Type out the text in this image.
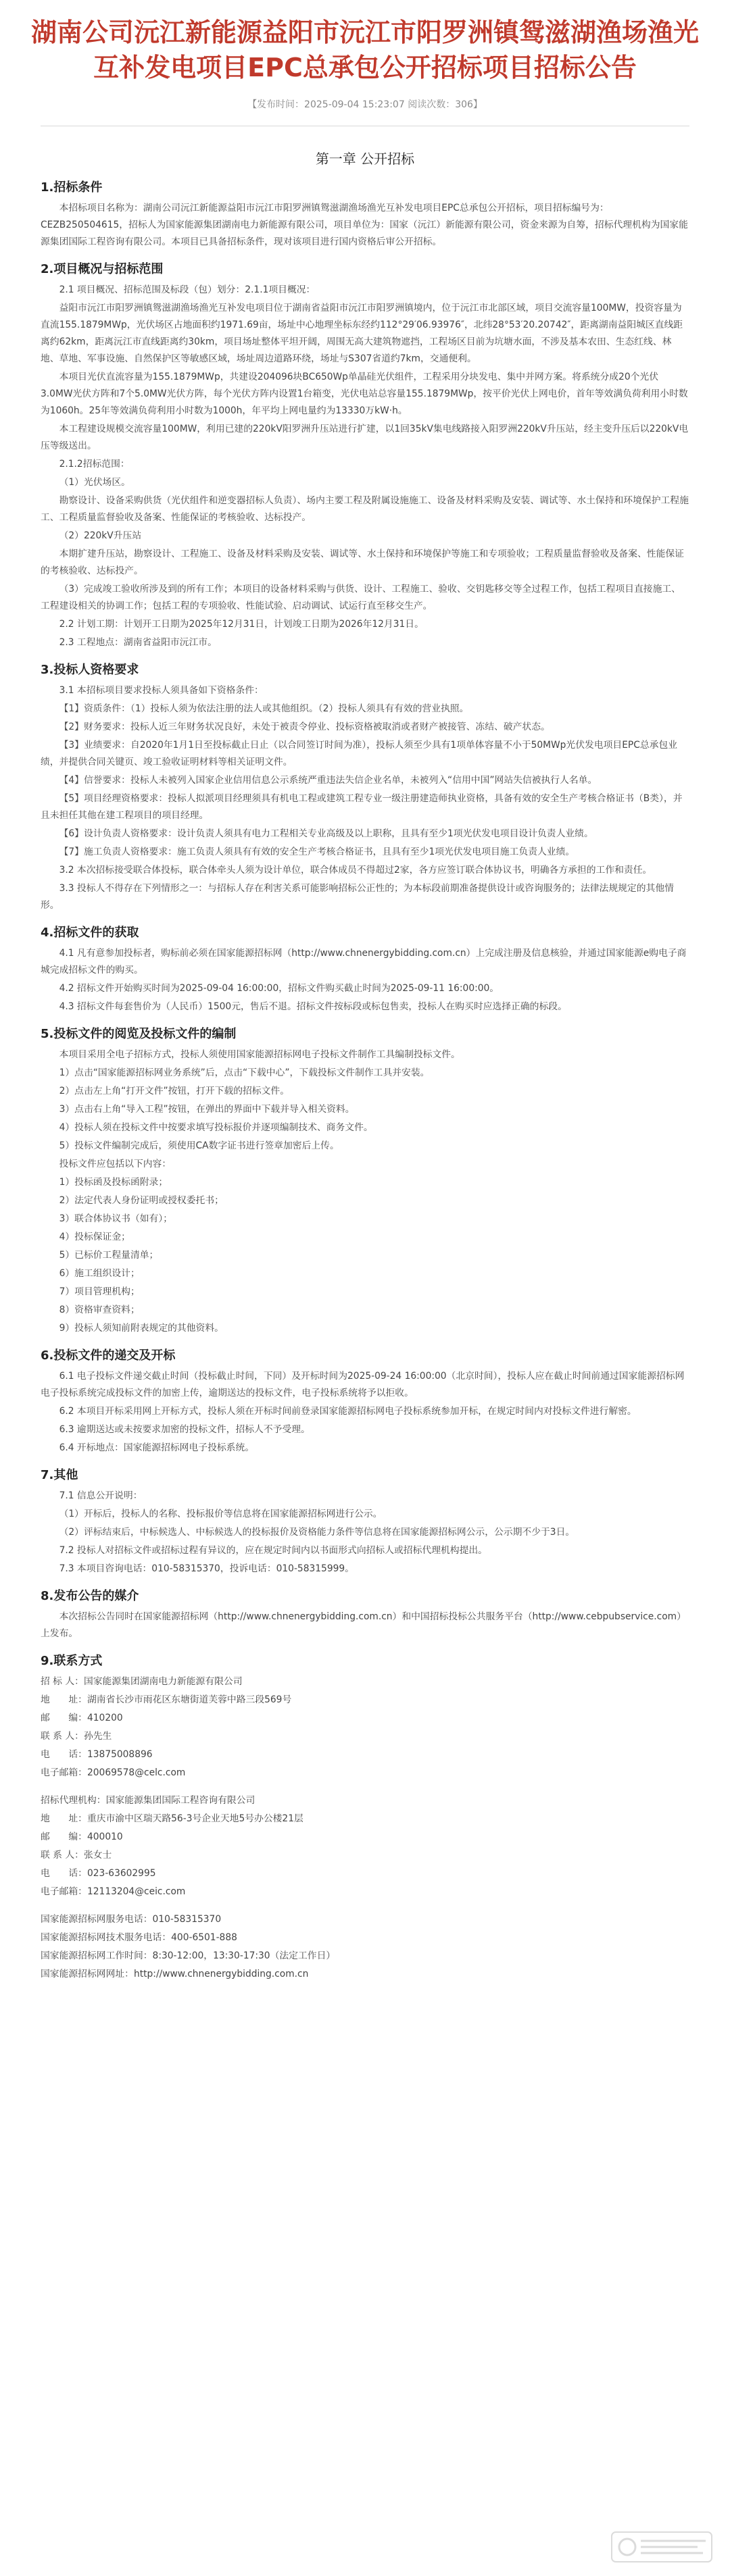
湖南公司沅江新能源益阳市沅江市阳罗洲镇鸳滋湖渔场渔光互补发电项目EPC总承包公开招标项目招标公告
【发布时间：2025-09-04 15:23:07 阅读次数：306】
第一章 公开招标
1.招标条件

本招标项目名称为：湖南公司沅江新能源益阳市沅江市阳罗洲镇鸳滋湖渔场渔光互补发电项目EPC总承包公开招标，项目招标编号为：CEZB250504615，招标人为国家能源集团湖南电力新能源有限公司，项目单位为：国家（沅江）新能源有限公司，资金来源为自筹，招标代理机构为国家能源集团国际工程咨询有限公司。本项目已具备招标条件，现对该项目进行国内资格后审公开招标。

2.项目概况与招标范围

2.1 项目概况、招标范围及标段（包）划分：2.1.1项目概况：

益阳市沅江市阳罗洲镇鸳滋湖渔场渔光互补发电项目位于湖南省益阳市沅江市阳罗洲镇境内，位于沅江市北部区域，项目交流容量100MW，投资容量为直流155.1879MWp，光伏场区占地面积约1971.69亩，场址中心地理坐标东经约112°29′06.93976″，北纬28°53′20.20742″，距离湖南益阳城区直线距离约62km，距离沅江市直线距离约30km，项目场址整体平坦开阔，周围无高大建筑物遮挡，工程场区目前为坑塘水面，不涉及基本农田、生态红线、林地、草地、军事设施、自然保护区等敏感区域，场址周边道路环绕，场址与S307省道约7km，交通便利。

本项目光伏直流容量为155.1879MWp，共建设204096块BC650Wp单晶硅光伏组件，工程采用分块发电、集中并网方案。将系统分成20个光伏3.0MW光伏方阵和7个5.0MW光伏方阵，每个光伏方阵内设置1台箱变，光伏电站总容量155.1879MWp，按平价光伏上网电价，首年等效满负荷利用小时数为1060h。25年等效满负荷利用小时数为1000h，年平均上网电量约为13330万kW·h。

本工程建设规模交流容量100MW，利用已建的220kV阳罗洲升压站进行扩建，以1回35kV集电线路接入阳罗洲220kV升压站，经主变升压后以220kV电压等级送出。

2.1.2招标范围：

（1）光伏场区。

勘察设计、设备采购供货（光伏组件和逆变器招标人负责）、场内主要工程及附属设施施工、设备及材料采购及安装、调试等、水土保持和环境保护工程施工、工程质量监督验收及备案、性能保证的考核验收、达标投产。

（2）220kV升压站

本期扩建升压站，勘察设计、工程施工、设备及材料采购及安装、调试等、水土保持和环境保护等施工和专项验收；工程质量监督验收及备案、性能保证的考核验收、达标投产。

（3）完成竣工验收所涉及到的所有工作；本项目的设备材料采购与供货、设计、工程施工、验收、交钥匙移交等全过程工作，包括工程项目直接施工、工程建设相关的协调工作；包括工程的专项验收、性能试验、启动调试、试运行直至移交生产。

2.2 计划工期：计划开工日期为2025年12月31日，计划竣工日期为2026年12月31日。

2.3 工程地点：湖南省益阳市沅江市。

3.投标人资格要求

3.1 本招标项目要求投标人须具备如下资格条件：

【1】资质条件：（1）投标人须为依法注册的法人或其他组织。（2）投标人须具有有效的营业执照。

【2】财务要求：投标人近三年财务状况良好，未处于被责令停业、投标资格被取消或者财产被接管、冻结、破产状态。

【3】业绩要求：自2020年1月1日至投标截止日止（以合同签订时间为准），投标人须至少具有1项单体容量不小于50MWp光伏发电项目EPC总承包业绩，并提供合同关键页、竣工验收证明材料等相关证明文件。

【4】信誉要求：投标人未被列入国家企业信用信息公示系统严重违法失信企业名单，未被列入“信用中国”网站失信被执行人名单。

【5】项目经理资格要求：投标人拟派项目经理须具有机电工程或建筑工程专业一级注册建造师执业资格，具备有效的安全生产考核合格证书（B类），并且未担任其他在建工程项目的项目经理。

【6】设计负责人资格要求：设计负责人须具有电力工程相关专业高级及以上职称，且具有至少1项光伏发电项目设计负责人业绩。

【7】施工负责人资格要求：施工负责人须具有有效的安全生产考核合格证书，且具有至少1项光伏发电项目施工负责人业绩。

3.2 本次招标接受联合体投标，联合体牵头人须为设计单位，联合体成员不得超过2家，各方应签订联合体协议书，明确各方承担的工作和责任。

3.3 投标人不得存在下列情形之一：与招标人存在利害关系可能影响招标公正性的；为本标段前期准备提供设计或咨询服务的；法律法规规定的其他情形。

4.招标文件的获取

4.1 凡有意参加投标者，购标前必须在国家能源招标网（http://www.chnenergybidding.com.cn）上完成注册及信息核验，并通过国家能源e购电子商城完成招标文件的购买。

4.2 招标文件开始购买时间为2025-09-04 16:00:00，招标文件购买截止时间为2025-09-11 16:00:00。

4.3 招标文件每套售价为（人民币）1500元，售后不退。招标文件按标段或标包售卖，投标人在购买时应选择正确的标段。

5.投标文件的阅览及投标文件的编制

本项目采用全电子招标方式，投标人须使用国家能源招标网电子投标文件制作工具编制投标文件。

1）点击“国家能源招标网业务系统”后，点击“下载中心”，下载投标文件制作工具并安装。

2）点击左上角“打开文件”按钮，打开下载的招标文件。

3）点击右上角“导入工程”按钮，在弹出的界面中下载并导入相关资料。

4）投标人须在投标文件中按要求填写投标报价并逐项编制技术、商务文件。

5）投标文件编制完成后，须使用CA数字证书进行签章加密后上传。

投标文件应包括以下内容：

1）投标函及投标函附录；

2）法定代表人身份证明或授权委托书；

3）联合体协议书（如有）；

4）投标保证金；

5）已标价工程量清单；

6）施工组织设计；

7）项目管理机构；

8）资格审查资料；

9）投标人须知前附表规定的其他资料。

6.投标文件的递交及开标

6.1 电子投标文件递交截止时间（投标截止时间，下同）及开标时间为2025-09-24 16:00:00（北京时间），投标人应在截止时间前通过国家能源招标网电子投标系统完成投标文件的加密上传，逾期送达的投标文件，电子投标系统将予以拒收。

6.2 本项目开标采用网上开标方式，投标人须在开标时间前登录国家能源招标网电子投标系统参加开标，在规定时间内对投标文件进行解密。

6.3 逾期送达或未按要求加密的投标文件，招标人不予受理。

6.4 开标地点：国家能源招标网电子投标系统。

7.其他

7.1 信息公开说明：

（1）开标后，投标人的名称、投标报价等信息将在国家能源招标网进行公示。

（2）评标结束后，中标候选人、中标候选人的投标报价及资格能力条件等信息将在国家能源招标网公示，公示期不少于3日。

7.2 投标人对招标文件或招标过程有异议的，应在规定时间内以书面形式向招标人或招标代理机构提出。

7.3 本项目咨询电话：010-58315370，投诉电话：010-58315999。

8.发布公告的媒介

本次招标公告同时在国家能源招标网（http://www.chnenergybidding.com.cn）和中国招标投标公共服务平台（http://www.cebpubservice.com）上发布。

9.联系方式

招 标 人：国家能源集团湖南电力新能源有限公司

地　　址：湖南省长沙市雨花区东塘街道芙蓉中路三段569号

邮　　编：410200

联 系 人：孙先生

电　　话：13875008896

电子邮箱：20069578@celc.com

招标代理机构：国家能源集团国际工程咨询有限公司

地　　址：重庆市渝中区瑞天路56-3号企业天地5号办公楼21层

邮　　编：400010

联 系 人：张女士

电　　话：023-63602995

电子邮箱：12113204@ceic.com

国家能源招标网服务电话：010-58315370

国家能源招标网技术服务电话：400-6501-888

国家能源招标网工作时间：8:30-12:00，13:30-17:30（法定工作日）

国家能源招标网网址：http://www.chnenergybidding.com.cn
